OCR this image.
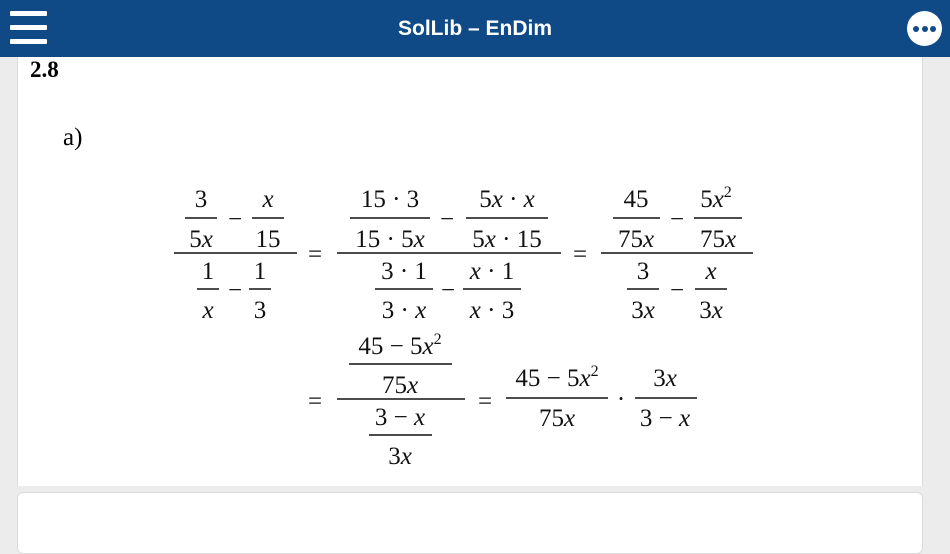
SolLib – EnDim
2.8
a)
3
5x
−
x
15
1
x
−
1
3
=
15 · 3
15 · 5x
−
5x · x
5x · 15
3 · 1
3 · x
−
x · 1
x · 3
=
45
75x
−
$5x^2$
75x
3
3x
−
x
3x
=
$45 - 5x^2$
75x
3 − x
3x
=
$45 - 5x^2$
75x
·
3x
3 − x
